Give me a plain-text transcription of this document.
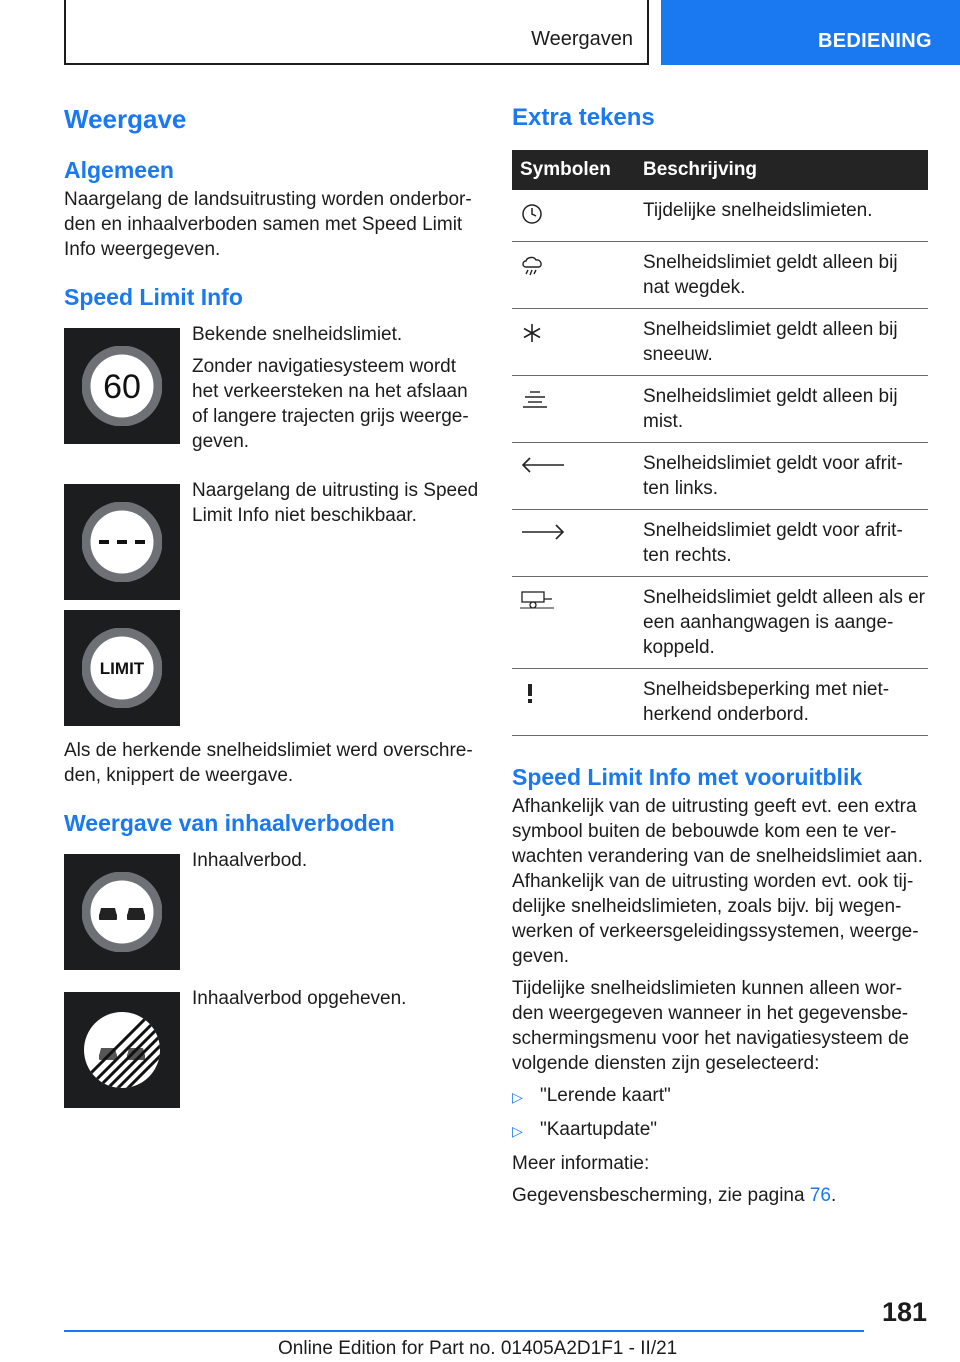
Weergaven	BEDIENING
Weergave
Algemeen

Naargelang de landsuitrusting worden onderbor-den en inhaalverboden samen met Speed Limit Info weergegeven.

Speed Limit Info
60

Bekende snelheidslimiet.

Zonder navigatiesysteem wordt het verkeersteken na het afslaan of langere trajecten grijs weerge-geven.

Naargelang de uitrusting is Speed Limit Info niet beschikbaar.

LIMIT

Als de herkende snelheidslimiet werd overschre-den, knippert de weergave.

Weergave van inhaalverboden

Inhaalverbod.

Inhaalverbod opgeheven.

Extra tekens
Symbolen	Beschrijving
	Tijdelijke snelheidslimieten.
	Snelheidslimiet geldt alleen bij nat wegdek.
	Snelheidslimiet geldt alleen bij sneeuw.
	Snelheidslimiet geldt alleen bij mist.
	Snelheidslimiet geldt voor afrit-ten links.
	Snelheidslimiet geldt voor afrit-ten rechts.
	Snelheidslimiet geldt alleen als er een aanhangwagen is aange-koppeld.
	Snelheidsbeperking met niet-herkend onderbord.
Speed Limit Info met vooruitblik

Afhankelijk van de uitrusting geeft evt. een extra symbool buiten de bebouwde kom een te ver-wachten verandering van de snelheidslimiet aan. Afhankelijk van de uitrusting worden evt. ook tij-delijke snelheidslimieten, zoals bijv. bij wegen-werken of verkeersgeleidingssystemen, weerge-geven.

Tijdelijke snelheidslimieten kunnen alleen wor-den weergegeven wanneer in het gegevensbe-schermingsmenu voor het navigatiesysteem de volgende diensten zijn geselecteerd:

▷ "Lerende kaart"
▷ "Kaartupdate"

Meer informatie:

Gegevensbescherming, zie pagina 76.

181
Online Edition for Part no. 01405A2D1F1 - II/21
